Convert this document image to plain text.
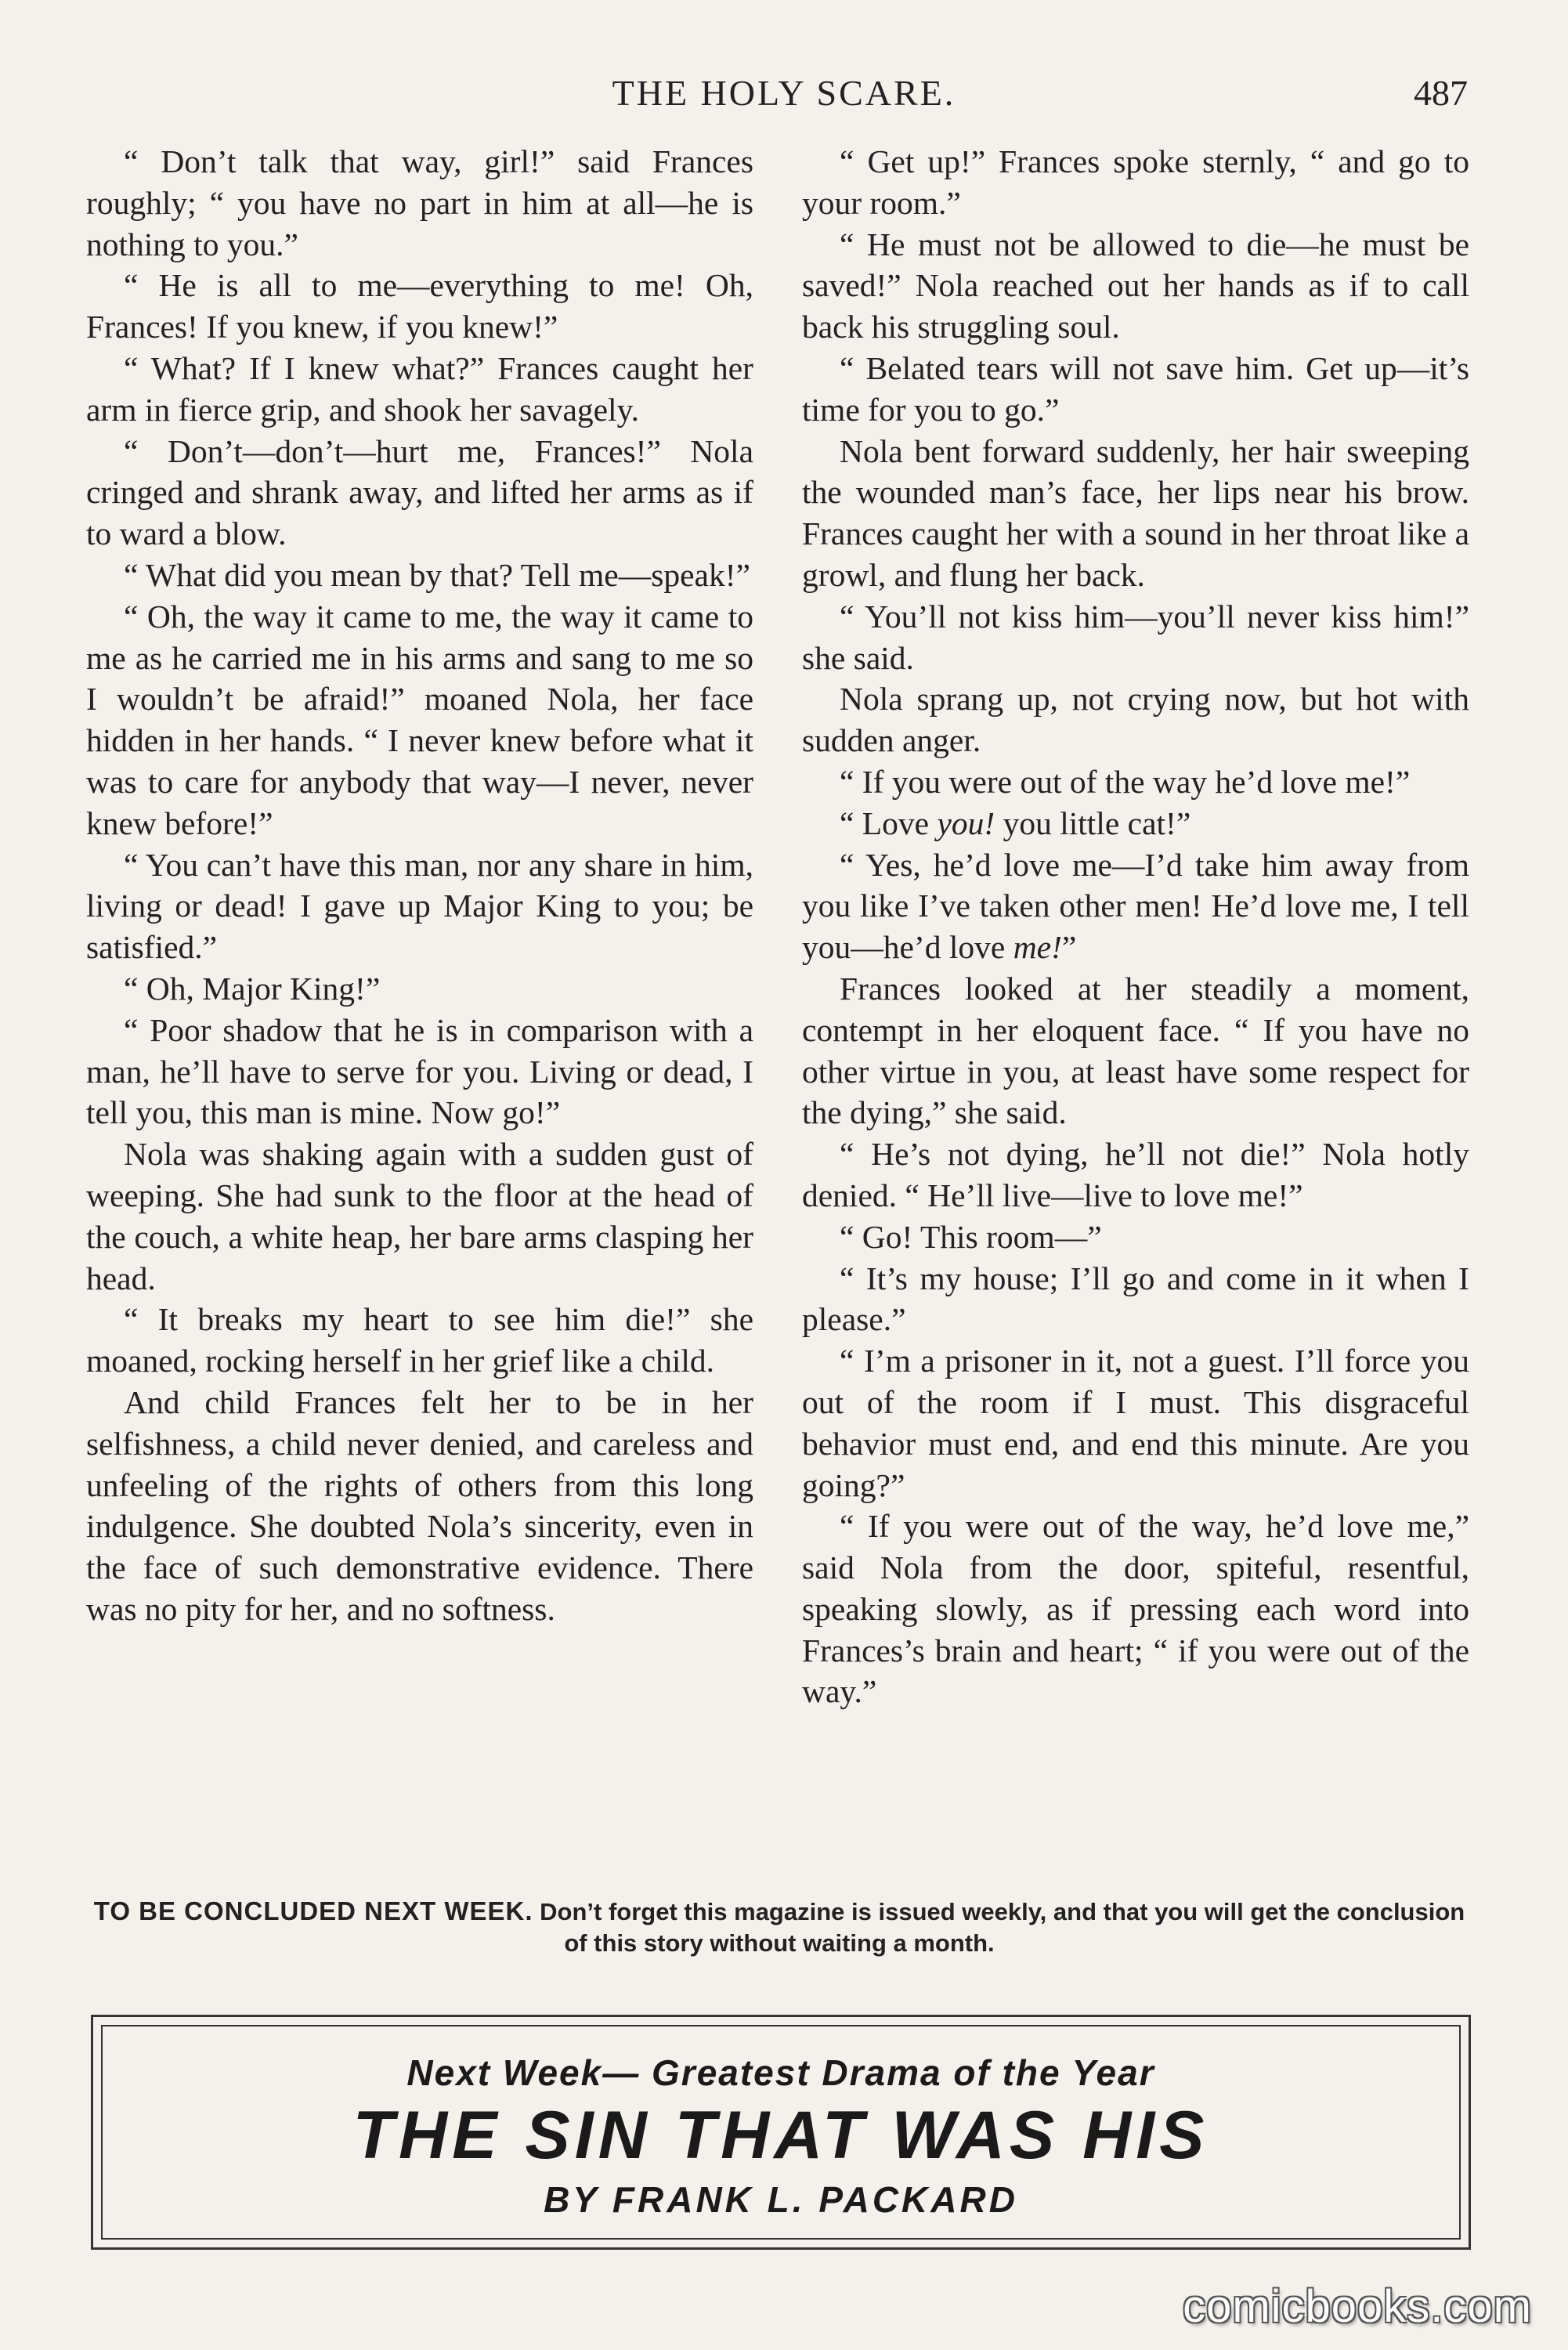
THE HOLY SCARE.	487

“ Don’t talk that way, girl!” said Frances roughly; “ you have no part in him at all—he is nothing to you.”

“ He is all to me—everything to me! Oh, Frances! If you knew, if you knew!”

“ What? If I knew what?” Frances caught her arm in fierce grip, and shook her savagely.

“ Don’t—don’t—hurt me, Frances!” Nola cringed and shrank away, and lifted her arms as if to ward a blow.

“ What did you mean by that? Tell me—speak!”

“ Oh, the way it came to me, the way it came to me as he carried me in his arms and sang to me so I wouldn’t be afraid!” moaned Nola, her face hidden in her hands. “ I never knew before what it was to care for anybody that way—I never, never knew before!”

“ You can’t have this man, nor any share in him, living or dead! I gave up Major King to you; be satisfied.”

“ Oh, Major King!”

“ Poor shadow that he is in comparison with a man, he’ll have to serve for you. Living or dead, I tell you, this man is mine. Now go!”

Nola was shaking again with a sudden gust of weeping. She had sunk to the floor at the head of the couch, a white heap, her bare arms clasping her head.

“ It breaks my heart to see him die!” she moaned, rocking herself in her grief like a child.

And child Frances felt her to be in her selfishness, a child never denied, and careless and unfeeling of the rights of others from this long indulgence. She doubted Nola’s sincerity, even in the face of such demonstrative evidence. There was no pity for her, and no softness.

“ Get up!” Frances spoke sternly, “ and go to your room.”

“ He must not be allowed to die—he must be saved!” Nola reached out her hands as if to call back his struggling soul.

“ Belated tears will not save him. Get up—it’s time for you to go.”

Nola bent forward suddenly, her hair sweeping the wounded man’s face, her lips near his brow. Frances caught her with a sound in her throat like a growl, and flung her back.

“ You’ll not kiss him—you’ll never kiss him!” she said.

Nola sprang up, not crying now, but hot with sudden anger.

“ If you were out of the way he’d love me!”

“ Love you! you little cat!”

“ Yes, he’d love me—I’d take him away from you like I’ve taken other men! He’d love me, I tell you—he’d love me!”

Frances looked at her steadily a moment, contempt in her eloquent face. “ If you have no other virtue in you, at least have some respect for the dying,” she said.

“ He’s not dying, he’ll not die!” Nola hotly denied. “ He’ll live—live to love me!”

“ Go! This room—”

“ It’s my house; I’ll go and come in it when I please.”

“ I’m a prisoner in it, not a guest. I’ll force you out of the room if I must. This disgraceful behavior must end, and end this minute. Are you going?”

“ If you were out of the way, he’d love me,” said Nola from the door, spiteful, resentful, speaking slowly, as if pressing each word into Frances’s brain and heart; “ if you were out of the way.”

TO BE CONCLUDED NEXT WEEK. Don’t forget this magazine is issued weekly, and that you will get the conclusion of this story without waiting a month.
Next Week— Greatest Drama of the Year
THE SIN THAT WAS HIS
BY FRANK L. PACKARD
comicbooks.com
